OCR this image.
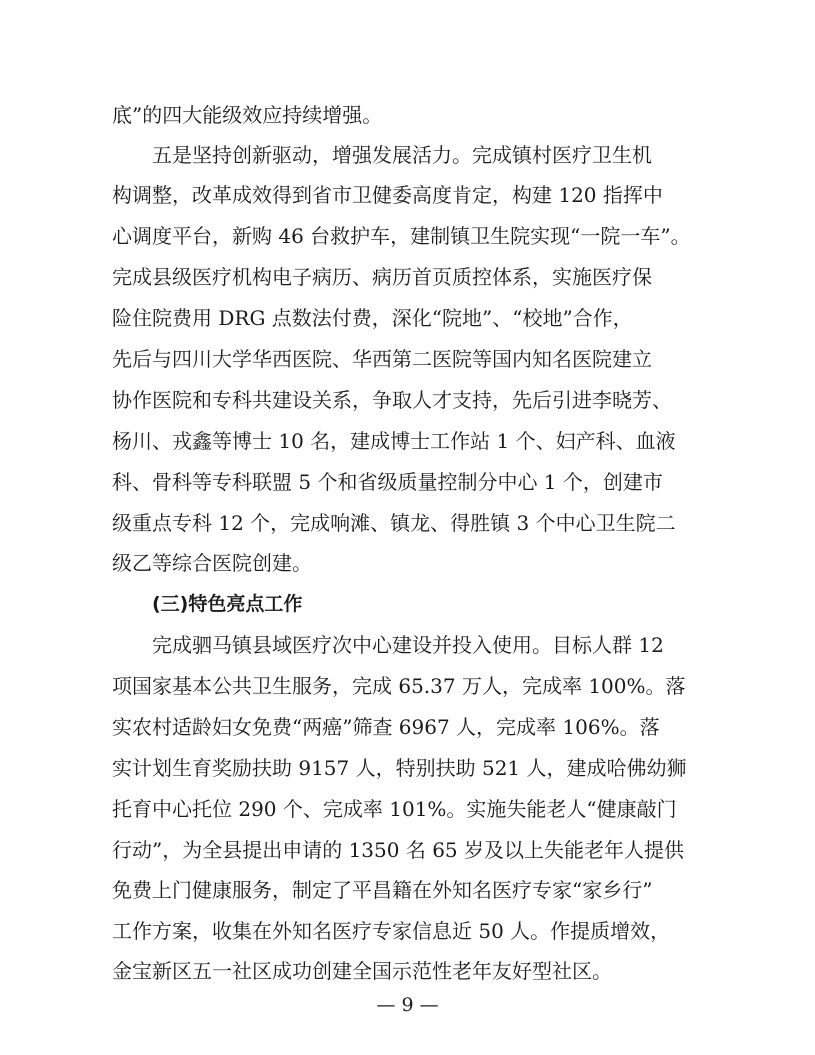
底”的四大能级效应持续增强。
五是坚持创新驱动，增强发展活力。完成镇村医疗卫生机
构调整，改革成效得到省市卫健委高度肯定，构建 120 指挥中
心调度平台，新购 46 台救护车，建制镇卫生院实现“一院一车”。
完成县级医疗机构电子病历、病历首页质控体系，实施医疗保
险住院费用 DRG 点数法付费，深化“院地”、“校地”合作，
先后与四川大学华西医院、华西第二医院等国内知名医院建立
协作医院和专科共建设关系，争取人才支持，先后引进李晓芳、
杨川、戎鑫等博士 10 名，建成博士工作站 1 个、妇产科、血液
科、骨科等专科联盟 5 个和省级质量控制分中心 1 个，创建市
级重点专科 12 个，完成响滩、镇龙、得胜镇 3 个中心卫生院二
级乙等综合医院创建。
(三)特色亮点工作
完成驷马镇县域医疗次中心建设并投入使用。目标人群 12
项国家基本公共卫生服务，完成 65.37 万人，完成率 100%。落
实农村适龄妇女免费“两癌”筛查 6967 人，完成率 106%。落
实计划生育奖励扶助 9157 人，特别扶助 521 人，建成哈佛幼狮
托育中心托位 290 个、完成率 101%。实施失能老人“健康敲门
行动”，为全县提出申请的 1350 名 65 岁及以上失能老年人提供
免费上门健康服务，制定了平昌籍在外知名医疗专家“家乡行”
工作方案，收集在外知名医疗专家信息近 50 人。作提质增效，
金宝新区五一社区成功创建全国示范性老年友好型社区。
— 9 —
